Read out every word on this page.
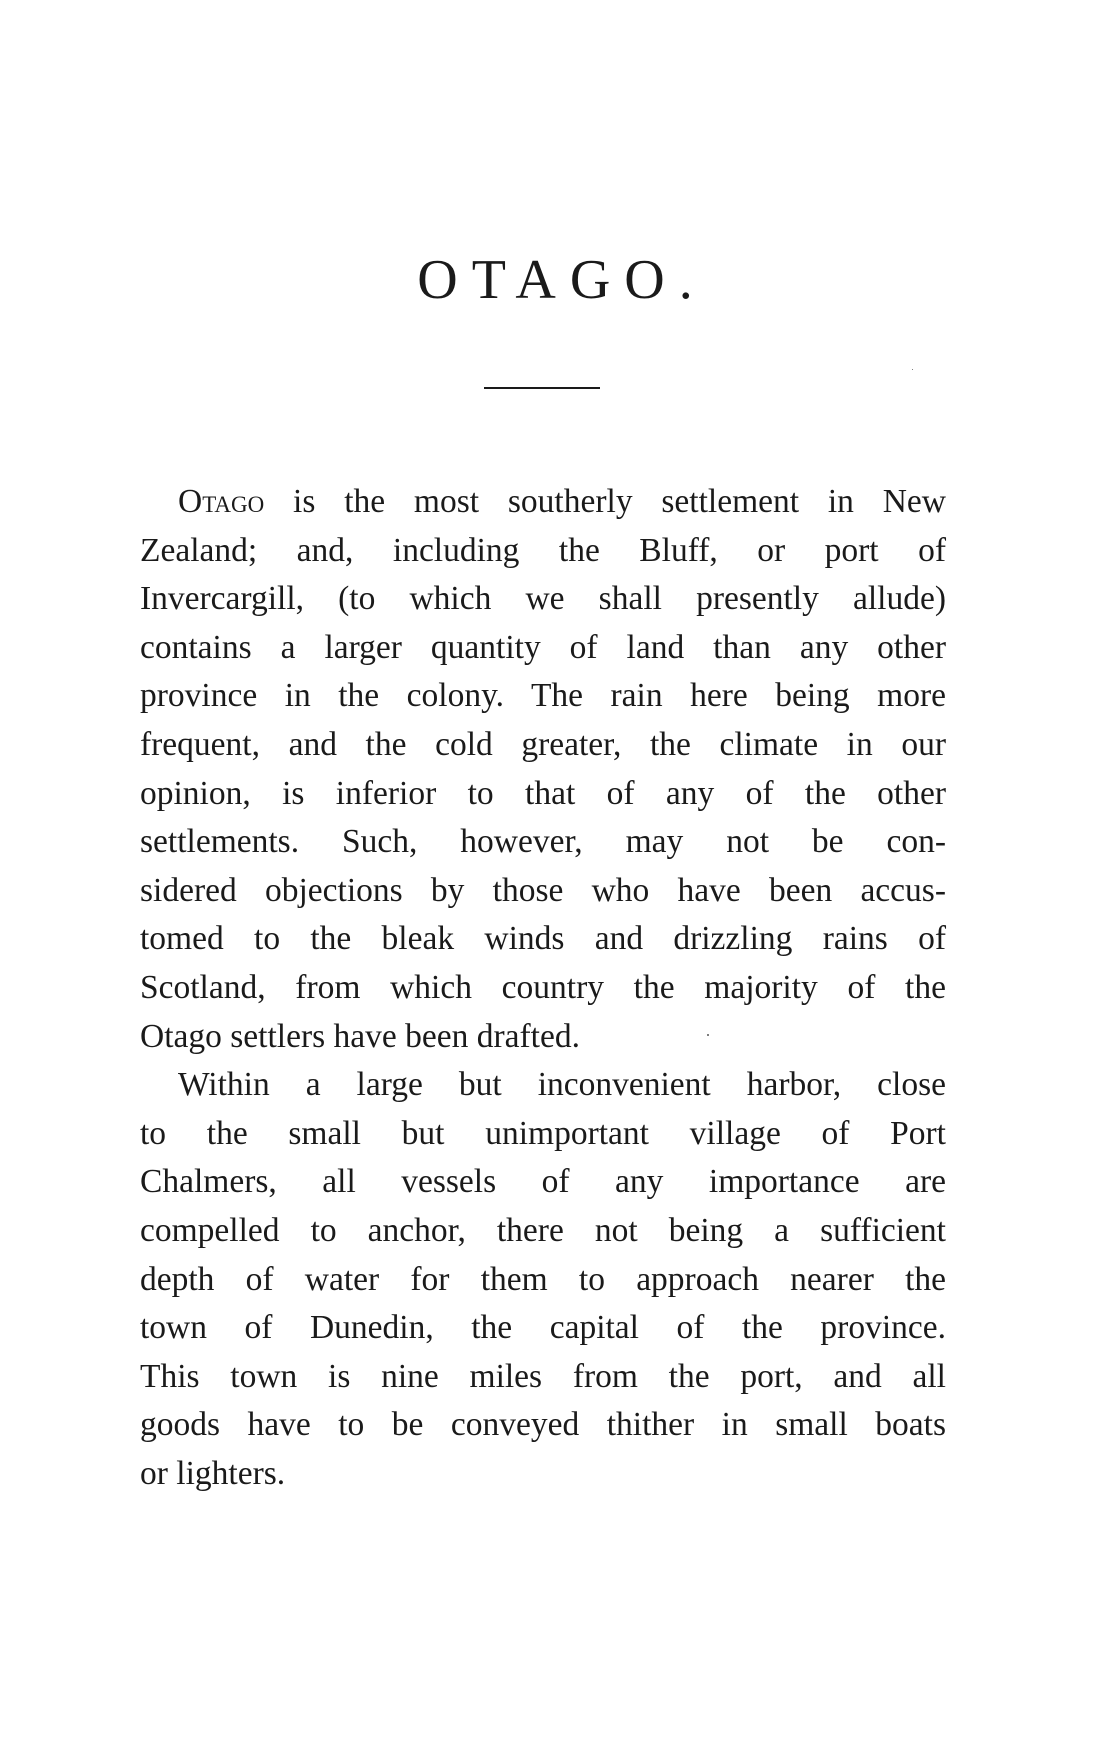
OTAGO.
Otago is the most southerly settlement in New
Zealand; and, including the Bluff, or port of
Invercargill, (to which we shall presently allude)
contains a larger quantity of land than any other
province in the colony. The rain here being more
frequent, and the cold greater, the climate in our
opinion, is inferior to that of any of the other
settlements. Such, however, may not be con-
sidered objections by those who have been accus-
tomed to the bleak winds and drizzling rains of
Scotland, from which country the majority of the
Otago settlers have been drafted.
Within a large but inconvenient harbor, close
to the small but unimportant village of Port
Chalmers, all vessels of any importance are
compelled to anchor, there not being a sufficient
depth of water for them to approach nearer the
town of Dunedin, the capital of the province.
This town is nine miles from the port, and all
goods have to be conveyed thither in small boats
or lighters.
